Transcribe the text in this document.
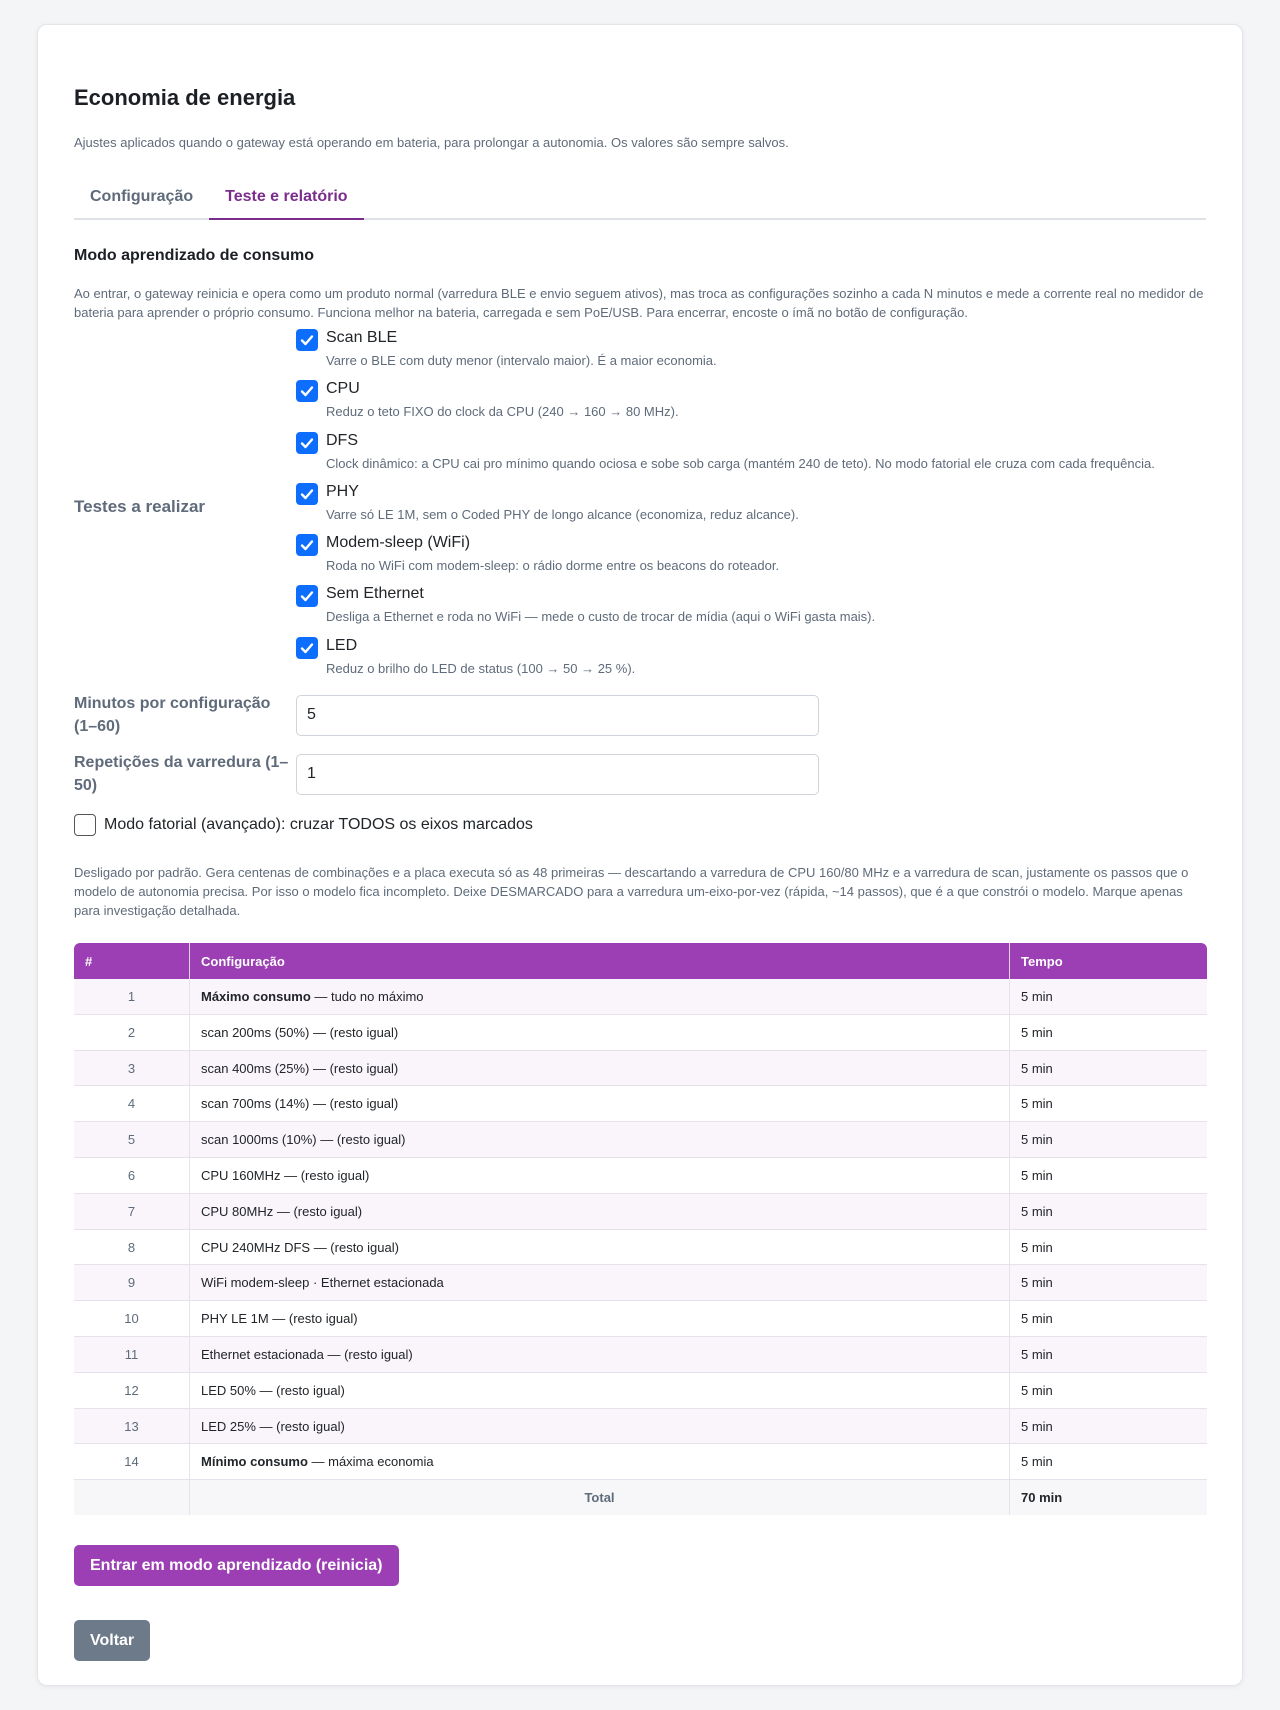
Economia de energia
Ajustes aplicados quando o gateway está operando em bateria, para prolongar a autonomia. Os valores são sempre salvos.
Configuração	Teste e relatório
Modo aprendizado de consumo
Ao entrar, o gateway reinicia e opera como um produto normal (varredura BLE e envio seguem ativos), mas troca as configurações sozinho a cada N minutos e mede a corrente real no medidor de bateria para aprender o próprio consumo. Funciona melhor na bateria, carregada e sem PoE/USB. Para encerrar, encoste o ímã no botão de configuração.
Testes a realizar
Scan BLE
Varre o BLE com duty menor (intervalo maior). É a maior economia.
CPU
Reduz o teto FIXO do clock da CPU (240 → 160 → 80 MHz).
DFS
Clock dinâmico: a CPU cai pro mínimo quando ociosa e sobe sob carga (mantém 240 de teto). No modo fatorial ele cruza com cada frequência.
PHY
Varre só LE 1M, sem o Coded PHY de longo alcance (economiza, reduz alcance).
Modem-sleep (WiFi)
Roda no WiFi com modem-sleep: o rádio dorme entre os beacons do roteador.
Sem Ethernet
Desliga a Ethernet e roda no WiFi — mede o custo de trocar de mídia (aqui o WiFi gasta mais).
LED
Reduz o brilho do LED de status (100 → 50 → 25 %).
Minutos por configuração (1–60)
5
Repetições da varredura (1–50)
1
Modo fatorial (avançado): cruzar TODOS os eixos marcados
Desligado por padrão. Gera centenas de combinações e a placa executa só as 48 primeiras — descartando a varredura de CPU 160/80 MHz e a varredura de scan, justamente os passos que o modelo de autonomia precisa. Por isso o modelo fica incompleto. Deixe DESMARCADO para a varredura um-eixo-por-vez (rápida, ~14 passos), que é a que constrói o modelo. Marque apenas para investigação detalhada.
#	Configuração	Tempo
1	Máximo consumo — tudo no máximo	5 min
2	scan 200ms (50%) — (resto igual)	5 min
3	scan 400ms (25%) — (resto igual)	5 min
4	scan 700ms (14%) — (resto igual)	5 min
5	scan 1000ms (10%) — (resto igual)	5 min
6	CPU 160MHz — (resto igual)	5 min
7	CPU 80MHz — (resto igual)	5 min
8	CPU 240MHz DFS — (resto igual)	5 min
9	WiFi modem-sleep · Ethernet estacionada	5 min
10	PHY LE 1M — (resto igual)	5 min
11	Ethernet estacionada — (resto igual)	5 min
12	LED 50% — (resto igual)	5 min
13	LED 25% — (resto igual)	5 min
14	Mínimo consumo — máxima economia	5 min
	Total	70 min
Entrar em modo aprendizado (reinicia)
Voltar
